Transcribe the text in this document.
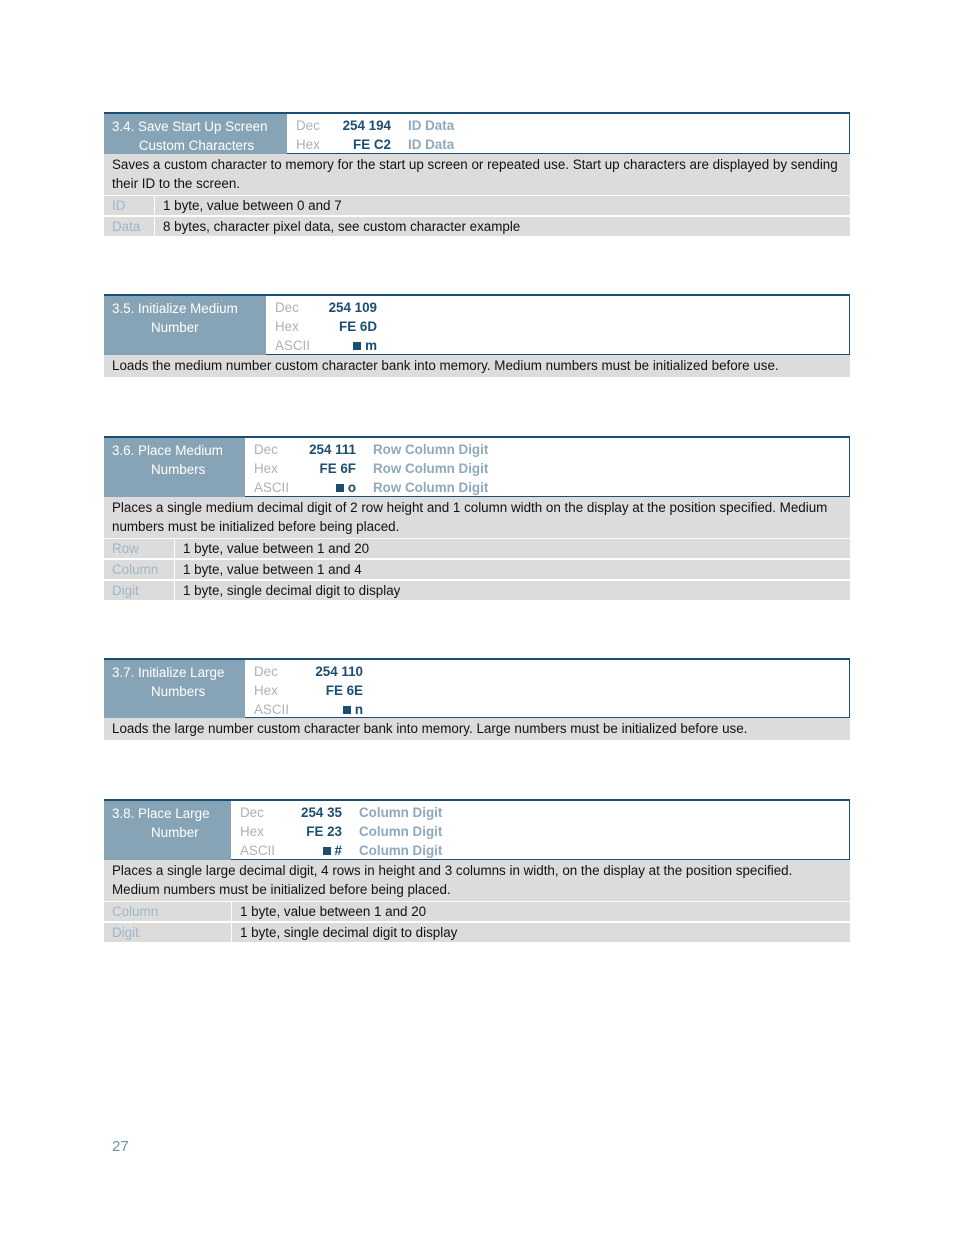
3.4. Save Start Up Screen
Custom Characters
Dec	254 194 ID Data
Hex	FE C2 ID Data
Saves a custom character to memory for the start up screen or repeated use. Start up characters are displayed by sending their ID to the screen.
ID	1 byte, value between 0 and 7
Data	8 bytes, character pixel data, see custom character example
3.5. Initialize Medium
Number
Dec	254 109
Hex	FE 6D
ASCII	m
Loads the medium number custom character bank into memory. Medium numbers must be initialized before use.
3.6. Place Medium
Numbers
Dec	254 111 Row Column Digit
Hex	FE 6F Row Column Digit
ASCII	o Row Column Digit
Places a single medium decimal digit of 2 row height and 1 column width on the display at the position specified. Medium numbers must be initialized before being placed.
Row	1 byte, value between 1 and 20
Column	1 byte, value between 1 and 4
Digit	1 byte, single decimal digit to display
3.7. Initialize Large
Numbers
Dec	254 110
Hex	FE 6E
ASCII	n
Loads the large number custom character bank into memory. Large numbers must be initialized before use.
3.8. Place Large
Number
Dec	254 35 Column Digit
Hex	FE 23 Column Digit
ASCII	# Column Digit
Places a single large decimal digit, 4 rows in height and 3 columns in width, on the display at the position specified. Medium numbers must be initialized before being placed.
Column	1 byte, value between 1 and 20
Digit	1 byte, single decimal digit to display
27
